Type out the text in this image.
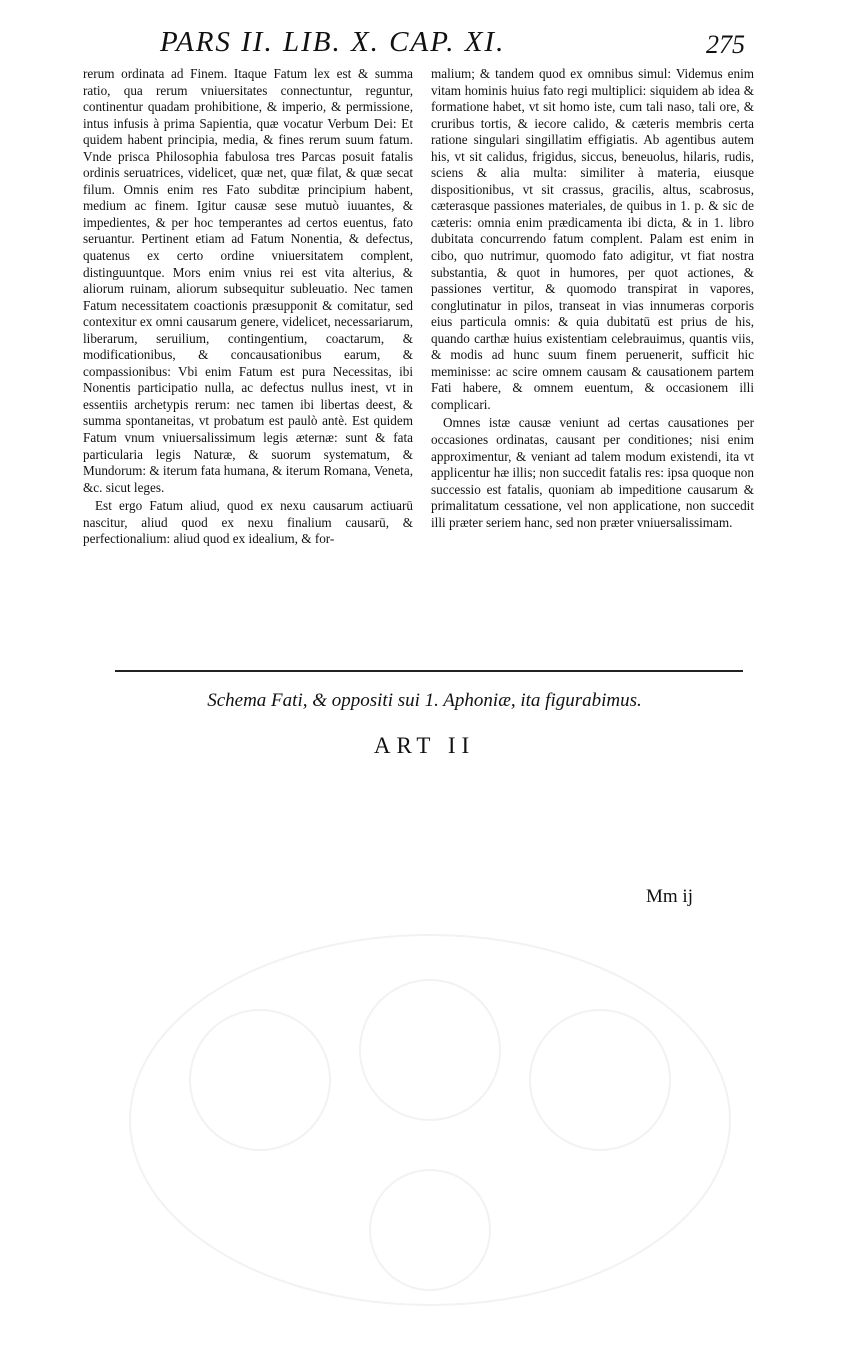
PARS II. LIB. X. CAP. XI.	275

rerum ordinata ad Finem. Itaque Fatum lex est & summa ratio, qua rerum vniuersitates connectuntur, reguntur, continentur quadam prohibitione, & imperio, & permissione, intus infusis à prima Sapientia, quæ vocatur Verbum Dei: Et quidem habent principia, media, & fines rerum suum fatum. Vnde prisca Philosophia fabulosa tres Parcas posuit fatalis ordinis seruatrices, videlicet, quæ net, quæ filat, & quæ secat filum. Omnis enim res Fato subditæ principium habent, medium ac finem. Igitur causæ sese mutuò iuuantes, & impedientes, & per hoc temperantes ad certos euentus, fato seruantur. Pertinent etiam ad Fatum Nonentia, & defectus, quatenus ex certo ordine vniuersitatem complent, distinguuntque. Mors enim vnius rei est vita alterius, & aliorum ruinam, aliorum subsequitur subleuatio. Nec tamen Fatum necessitatem coactionis præsupponit & comitatur, sed contexitur ex omni causarum genere, videlicet, necessariarum, liberarum, seruilium, contingentium, coactarum, & modificationibus, & concausationibus earum, & compassionibus: Vbi enim Fatum est pura Necessitas, ibi Nonentis participatio nulla, ac defectus nullus inest, vt in essentiis archetypis rerum: nec tamen ibi libertas deest, & summa spontaneitas, vt probatum est paulò antè. Est quidem Fatum vnum vniuersalissimum legis æternæ: sunt & fata particularia legis Naturæ, & suorum systematum, & Mundorum: & iterum fata humana, & iterum Romana, Veneta, &c. sicut leges.

Est ergo Fatum aliud, quod ex nexu causarum actiuarū nascitur, aliud quod ex nexu finalium causarū, & perfectionalium: aliud quod ex idealium, & for-

malium; & tandem quod ex omnibus simul: Videmus enim vitam hominis huius fato regi multiplici: siquidem ab idea & formatione habet, vt sit homo iste, cum tali naso, tali ore, & cruribus tortis, & iecore calido, & cæteris membris certa ratione singulari singillatim effigiatis. Ab agentibus autem his, vt sit calidus, frigidus, siccus, beneuolus, hilaris, rudis, sciens & alia multa: similiter à materia, eiusque dispositionibus, vt sit crassus, gracilis, altus, scabrosus, cæterasque passiones materiales, de quibus in 1. p. & sic de cæteris: omnia enim prædicamenta ibi dicta, & in 1. libro dubitata concurrendo fatum complent. Palam est enim in cibo, quo nutrimur, quomodo fato adigitur, vt fiat nostra substantia, & quot in humores, per quot actiones, & passiones vertitur, & quomodo transpirat in vapores, conglutinatur in pilos, transeat in vias innumeras corporis eius particula omnis: & quia dubitatū est prius de his, quando carthæ huius existentiam celebrauimus, quantis viis, & modis ad hunc suum finem peruenerit, sufficit hic meminisse: ac scire omnem causam & causationem partem Fati habere, & omnem euentum, & occasionem illi complicari.

Omnes istæ causæ veniunt ad certas causationes per occasiones ordinatas, causant per conditiones; nisi enim approximentur, & veniant ad talem modum existendi, ita vt applicentur hæ illis; non succedit fatalis res: ipsa quoque non successio est fatalis, quoniam ab impeditione causarum & primalitatum cessatione, vel non applicatione, non succedit illi præter seriem hanc, sed non præter vniuersalissimam.

Schema Fati, & oppositi sui 1. Aphoniæ, ita figurabimus.
ART II
Mm ij
